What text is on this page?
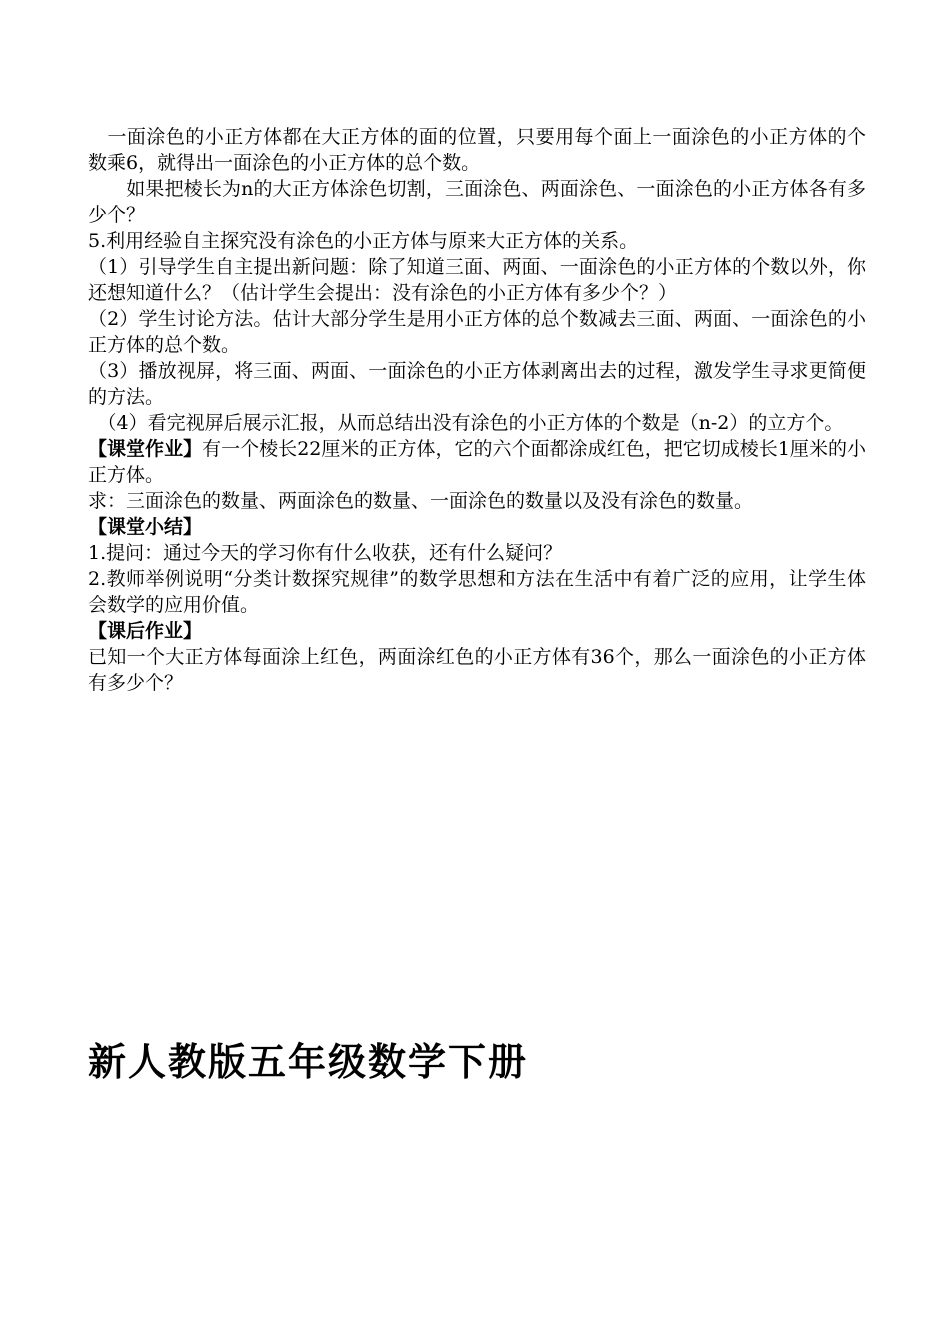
　一面涂色的小正方体都在大正方体的面的位置，只要用每个面上一面涂色的小正方体的个数乘6，就得出一面涂色的小正方体的总个数。

　　如果把棱长为n的大正方体涂色切割，三面涂色、两面涂色、一面涂色的小正方体各有多少个？

5.利用经验自主探究没有涂色的小正方体与原来大正方体的关系。

（1）引导学生自主提出新问题：除了知道三面、两面、一面涂色的小正方体的个数以外，你还想知道什么？（估计学生会提出：没有涂色的小正方体有多少个？）

（2）学生讨论方法。估计大部分学生是用小正方体的总个数减去三面、两面、一面涂色的小正方体的总个数。

（3）播放视屏，将三面、两面、一面涂色的小正方体剥离出去的过程，激发学生寻求更简便的方法。

　（4）看完视屏后展示汇报，从而总结出没有涂色的小正方体的个数是（n-2）的立方个。

【课堂作业】有一个棱长22厘米的正方体，它的六个面都涂成红色，把它切成棱长1厘米的小正方体。

求：三面涂色的数量、两面涂色的数量、一面涂色的数量以及没有涂色的数量。

【课堂小结】

1.提问：通过今天的学习你有什么收获，还有什么疑问？

2.教师举例说明“分类计数探究规律”的数学思想和方法在生活中有着广泛的应用，让学生体会数学的应用价值。

【课后作业】

已知一个大正方体每面涂上红色，两面涂红色的小正方体有36个，那么一面涂色的小正方体有多少个？

新人教版五年级数学下册
